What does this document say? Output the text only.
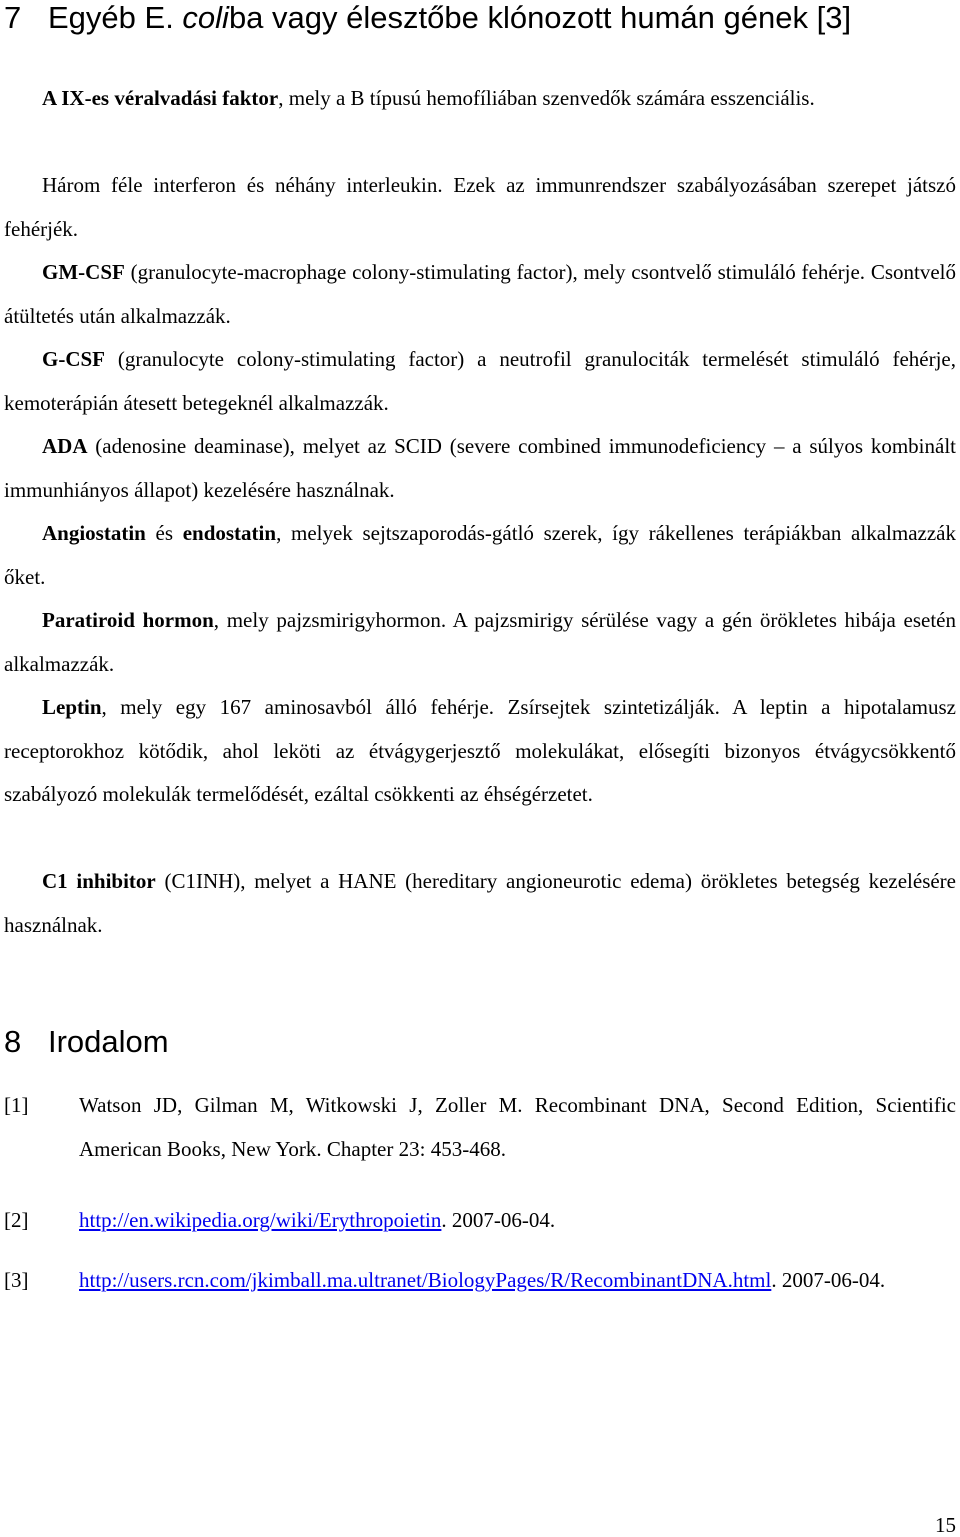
7 Egyéb E. coliba vagy élesztőbe klónozott humán gének [3]

A IX-es véralvadási faktor, mely a B típusú hemofíliában szenvedők számára esszenciális.

Három féle interferon és néhány interleukin. Ezek az immunrendszer szabályozásában szerepet játszó fehérjék.

GM-CSF (granulocyte-macrophage colony-stimulating factor), mely csontvelő stimuláló fehérje. Csontvelő átültetés után alkalmazzák.

G-CSF (granulocyte colony-stimulating factor) a neutrofil granulociták termelését stimuláló fehérje, kemoterápián átesett betegeknél alkalmazzák.

ADA (adenosine deaminase), melyet az SCID (severe combined immunodeficiency – a súlyos kombinált immunhiányos állapot) kezelésére használnak.

Angiostatin és endostatin, melyek sejtszaporodás-gátló szerek, így rákellenes terápiákban alkalmazzák őket.

Paratiroid hormon, mely pajzsmirigyhormon. A pajzsmirigy sérülése vagy a gén örökletes hibája esetén alkalmazzák.

Leptin, mely egy 167 aminosavból álló fehérje. Zsírsejtek szintetizálják. A leptin a hipotalamusz receptorokhoz kötődik, ahol leköti az étvágygerjesztő molekulákat, elősegíti bizonyos étvágycsökkentő szabályozó molekulák termelődését, ezáltal csökkenti az éhségérzetet.

C1 inhibitor (C1INH), melyet a HANE (hereditary angioneurotic edema) örökletes betegség kezelésére használnak.

8 Irodalom
[1] Watson JD, Gilman M, Witkowski J, Zoller M. Recombinant DNA, Second Edition, Scientific American Books, New York. Chapter 23: 453-468.
[2] http://en.wikipedia.org/wiki/Erythropoietin. 2007-06-04.
[3] http://users.rcn.com/jkimball.ma.ultranet/BiologyPages/R/RecombinantDNA.html. 2007-06-04.
15
